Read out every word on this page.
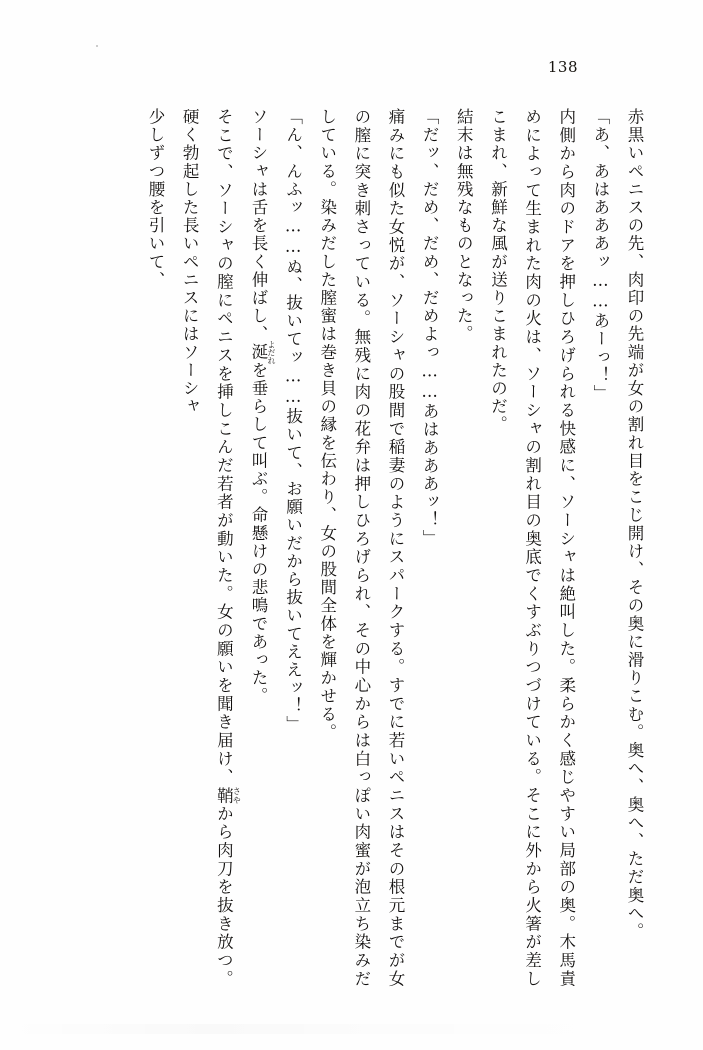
138

赤黒いペニスの先、肉印の先端が女の割れ目をこじ開け、その奥に滑りこむ。奥へ、奥へ、ただ奥へ。

「あ、あはあああッ……あーっ！」

内側から肉のドアを押しひろげられる快感に、ソーシャは絶叫した。柔らかく感じやすい局部の奥。木馬責めによって生まれた肉の火は、ソーシャの割れ目の奥底でくすぶりつづけている。そこに外から火箸が差しこまれ、新鮮な風が送りこまれたのだ。

結末は無残なものとなった。

「だッ、だめ、だめ、だめよっ……あはあああッ！」

痛みにも似た女悦が、ソーシャの股間で稲妻のようにスパークする。すでに若いペニスはその根元までが女の膣に突き刺さっている。無残に肉の花弁は押しひろげられ、その中心からは白っぽい肉蜜が泡立ち染みだしている。染みだした膣蜜は巻き貝の縁を伝わり、女の股間全体を輝かせる。

「ん、んふッ……ぬ、抜いてッ……抜いて、お願いだから抜いてええッ！」

ソーシャは舌を長く伸ばし、涎 よだれを垂らして叫ぶ。命懸けの悲鳴であった。

そこで、ソーシャの膣にペニスを挿しこんだ若者が動いた。女の願いを聞き届け、鞘 さやから肉刀を抜き放つ。硬く勃起した長いペニスにはソーシャ

少しずつ腰を引いて、
